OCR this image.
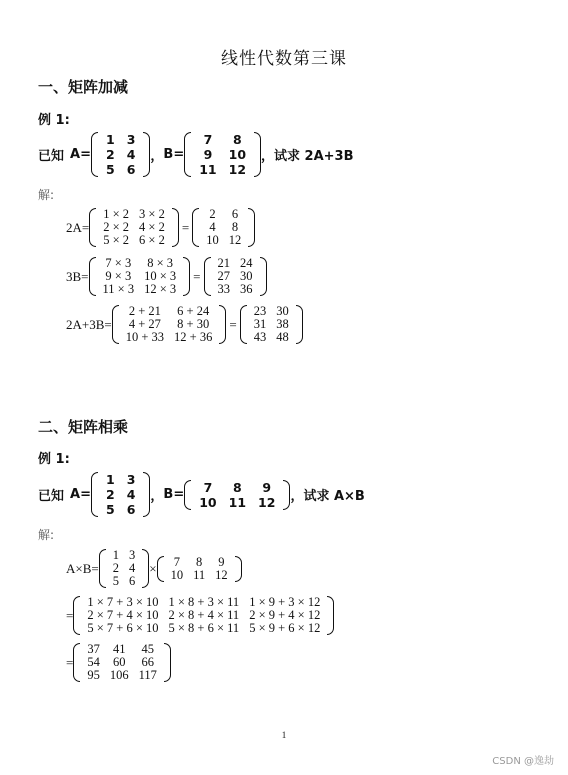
线性代数第三课
一、矩阵加减
例 1:
已知 A=
1	3
2	4
5	6
， B=
7	8
9	10
11	12
，试求 2A+3B
解:
2A=
1 × 2	3 × 2
2 × 2	4 × 2
5 × 2	6 × 2
=
2	6
4	8
10	12
3B=
7 × 3	8 × 3
9 × 3	10 × 3
11 × 3	12 × 3
=
21	24
27	30
33	36
2A+3B=
2 + 21	6 + 24
4 + 27	8 + 30
10 + 33	12 + 36
=
23	30
31	38
43	48
二、矩阵相乘
例 1:
已知 A=
1	3
2	4
5	6
， B= 7	8	9
10	11	12 ，试求 A×B
解:
A×B=
1	3
2	4
5	6
× 7	8	9
10	11	12
=
1 × 7 + 3 × 10	1 × 8 + 3 × 11	1 × 9 + 3 × 12
2 × 7 + 4 × 10	2 × 8 + 4 × 11	2 × 9 + 4 × 12
5 × 7 + 6 × 10	5 × 8 + 6 × 11	5 × 9 + 6 × 12
=
37	41	45
54	60	66
95	106	117
1
CSDN @逸劫
